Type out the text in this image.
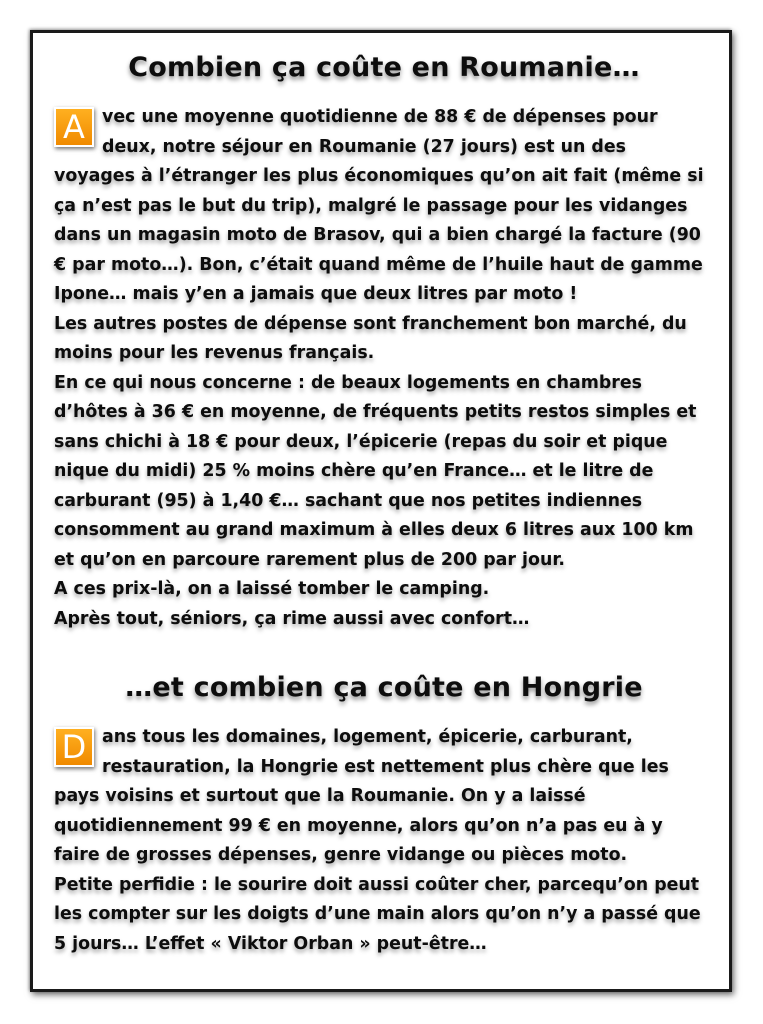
Combien ça coûte en Roumanie…
A vec une moyenne quotidienne de 88 € de dépenses pour
deux, notre séjour en Roumanie (27 jours) est un des
voyages à l’étranger les plus économiques qu’on ait fait (même si
ça n’est pas le but du trip), malgré le passage pour les vidanges
dans un magasin moto de Brasov, qui a bien chargé la facture (90
€ par moto…). Bon, c’était quand même de l’huile haut de gamme
Ipone… mais y’en a jamais que deux litres par moto !
Les autres postes de dépense sont franchement bon marché, du
moins pour les revenus français.
En ce qui nous concerne : de beaux logements en chambres
d’hôtes à 36 € en moyenne, de fréquents petits restos simples et
sans chichi à 18 € pour deux, l’épicerie (repas du soir et pique
nique du midi) 25 % moins chère qu’en France… et le litre de
carburant (95) à 1,40 €… sachant que nos petites indiennes
consomment au grand maximum à elles deux 6 litres aux 100 km
et qu’on en parcoure rarement plus de 200 par jour.
A ces prix-là, on a laissé tomber le camping.
Après tout, séniors, ça rime aussi avec confort…
…et combien ça coûte en Hongrie
D ans tous les domaines, logement, épicerie, carburant,
restauration, la Hongrie est nettement plus chère que les
pays voisins et surtout que la Roumanie. On y a laissé
quotidiennement 99 € en moyenne, alors qu’on n’a pas eu à y
faire de grosses dépenses, genre vidange ou pièces moto.
Petite perfidie : le sourire doit aussi coûter cher, parcequ’on peut
les compter sur les doigts d’une main alors qu’on n’y a passé que
5 jours… L’effet « Viktor Orban » peut-être…
